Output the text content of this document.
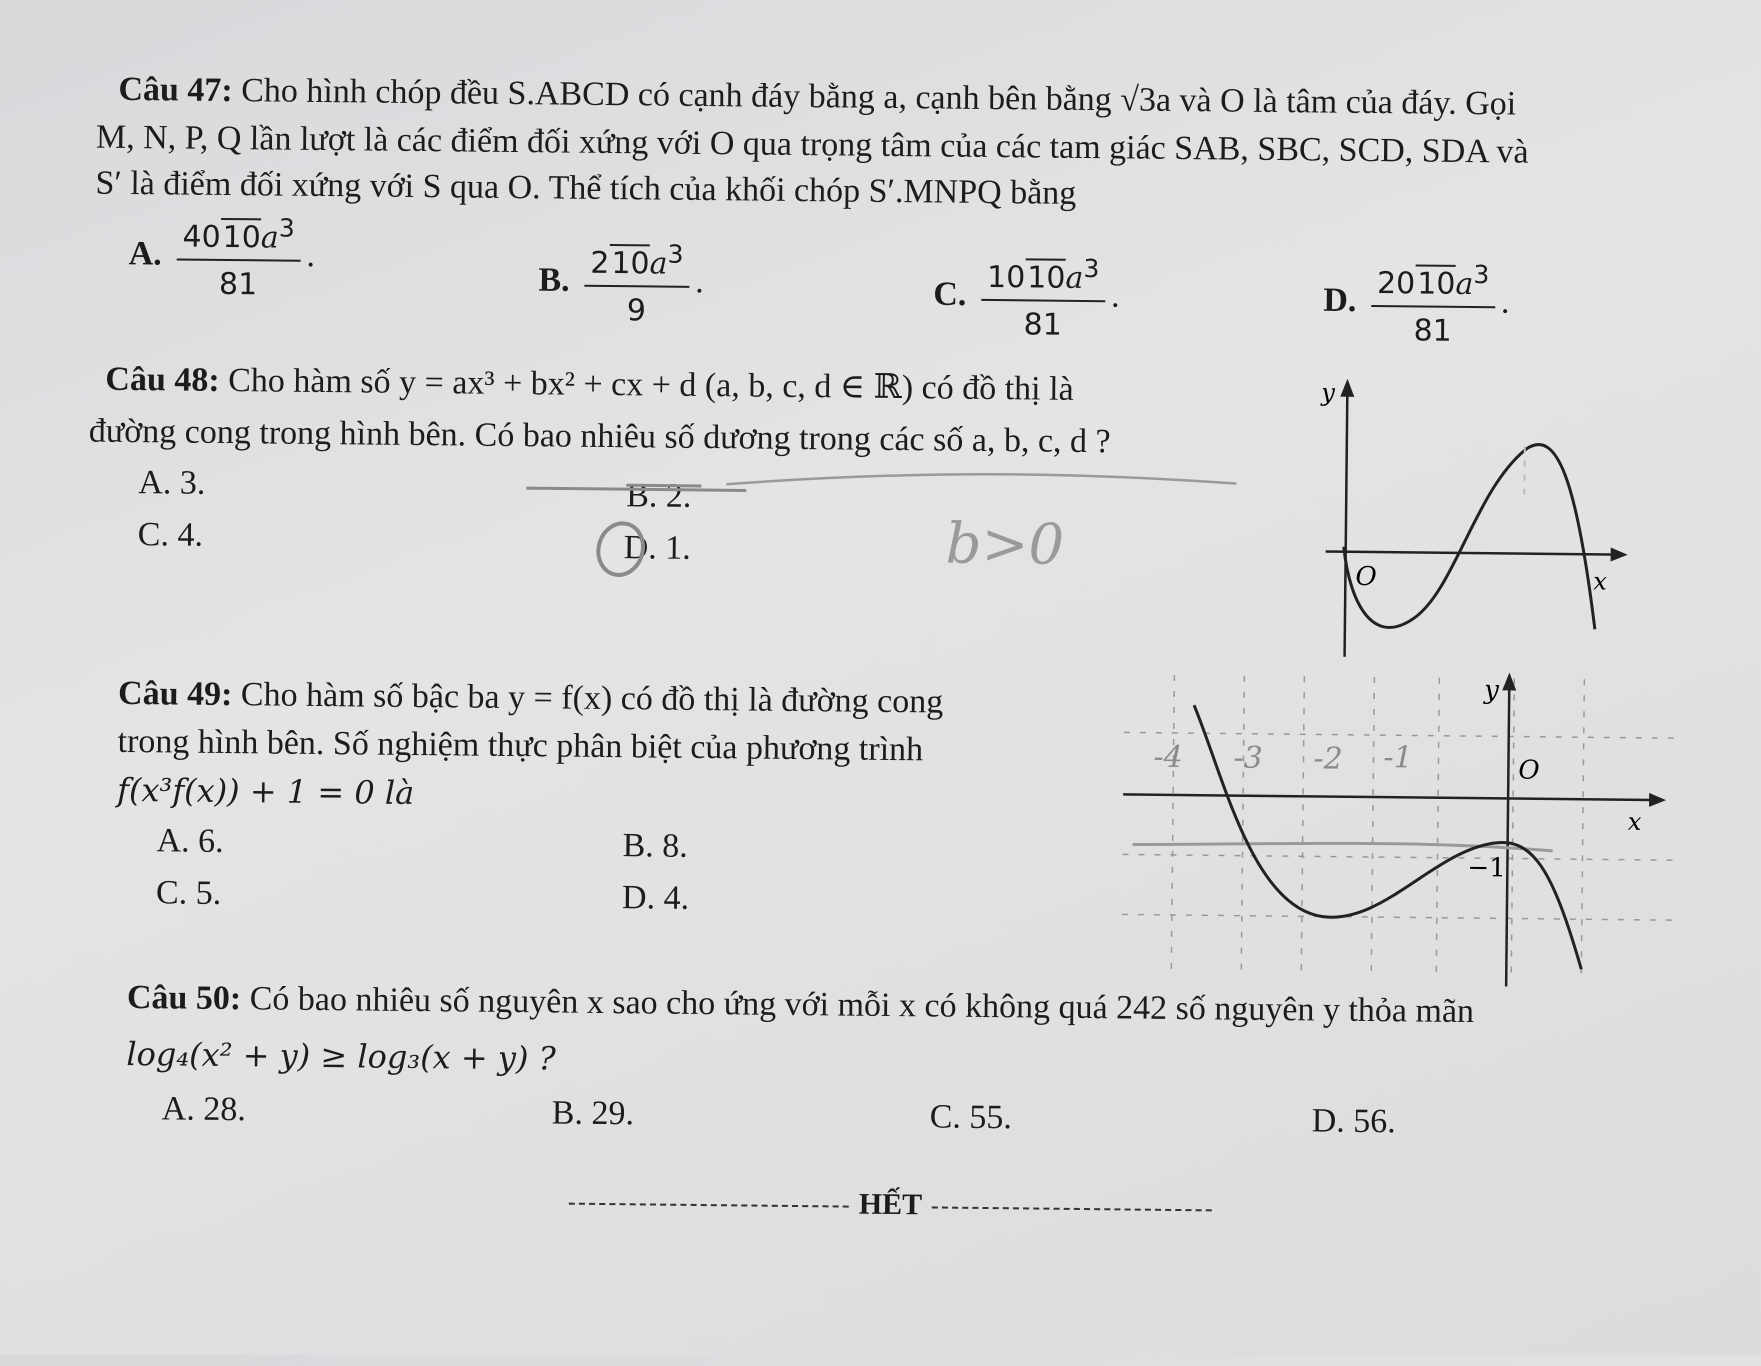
Câu 47: Cho hình chóp đều S.ABCD có cạnh đáy bằng a, cạnh bên bằng √3a và O là tâm của đáy. Gọi
M, N, P, Q lần lượt là các điểm đối xứng với O qua trọng tâm của các tam giác SAB, SBC, SCD, SDA và
S′ là điểm đối xứng với S qua O. Thể tích của khối chóp S′.MNPQ bằng
A. $\frac{4010a^3}{81}$ .
B. $\frac{210a^3}{9}$ .	C. $\frac{1010a^3}{81}$ .	D. $\frac{2010a^3}{81}$ .
Câu 48: Cho hàm số y = ax³ + bx² + cx + d (a, b, c, d ∈ ℝ) có đồ thị là
đường cong trong hình bên. Có bao nhiêu số dương trong các số a, b, c, d ?
A. 3.	B. 2.
C. 4.	D. 1.	b>0
y
x
O
Câu 49: Cho hàm số bậc ba y = f(x) có đồ thị là đường cong
trong hình bên. Số nghiệm thực phân biệt của phương trình
f(x³f(x)) + 1 = 0 là
A. 6.	B. 8.
C. 5.	D. 4.
y
x
O
−1
-4 -3 -2 -1
Câu 50: Có bao nhiêu số nguyên x sao cho ứng với mỗi x có không quá 242 số nguyên y thỏa mãn
log₄(x² + y) ≥ log₃(x + y) ?
A. 28.	B. 29.	C. 55.	D. 56.
HẾT
